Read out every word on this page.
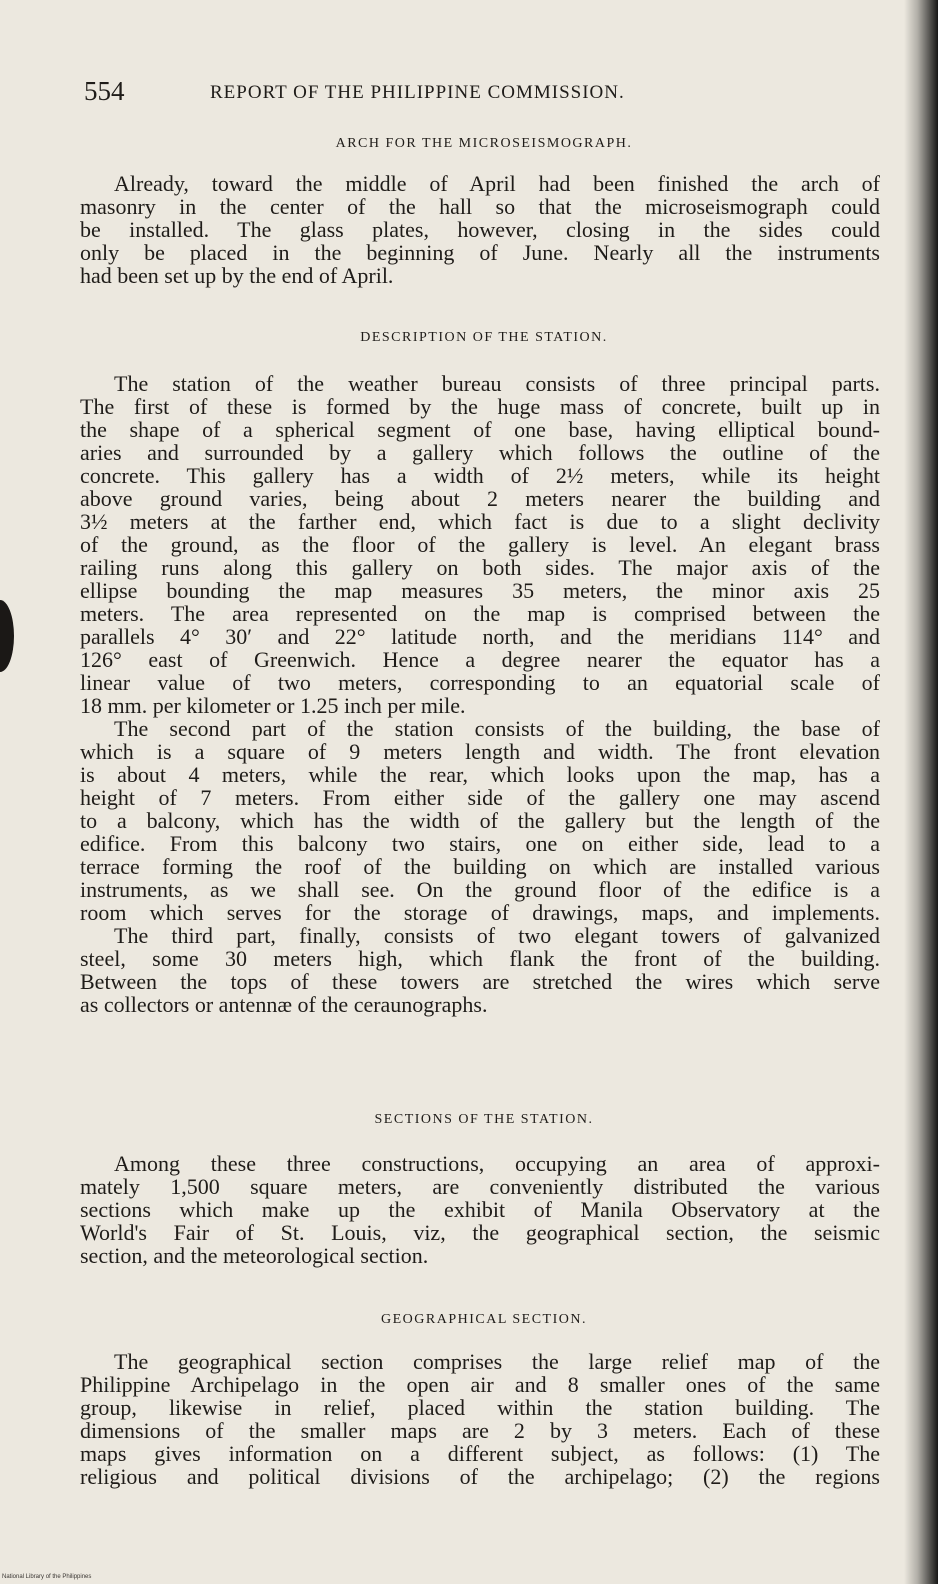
554	REPORT OF THE PHILIPPINE COMMISSION.
ARCH FOR THE MICROSEISMOGRAPH.
Already, toward the middle of April had been finished the arch of
masonry in the center of the hall so that the microseismograph could
be installed. The glass plates, however, closing in the sides could
only be placed in the beginning of June. Nearly all the instruments
had been set up by the end of April.
DESCRIPTION OF THE STATION.
The station of the weather bureau consists of three principal parts.
The first of these is formed by the huge mass of concrete, built up in
the shape of a spherical segment of one base, having elliptical bound-
aries and surrounded by a gallery which follows the outline of the
concrete. This gallery has a width of 2½ meters, while its height
above ground varies, being about 2 meters nearer the building and
3½ meters at the farther end, which fact is due to a slight declivity
of the ground, as the floor of the gallery is level. An elegant brass
railing runs along this gallery on both sides. The major axis of the
ellipse bounding the map measures 35 meters, the minor axis 25
meters. The area represented on the map is comprised between the
parallels 4° 30′ and 22° latitude north, and the meridians 114° and
126° east of Greenwich. Hence a degree nearer the equator has a
linear value of two meters, corresponding to an equatorial scale of
18 mm. per kilometer or 1.25 inch per mile.
The second part of the station consists of the building, the base of
which is a square of 9 meters length and width. The front elevation
is about 4 meters, while the rear, which looks upon the map, has a
height of 7 meters. From either side of the gallery one may ascend
to a balcony, which has the width of the gallery but the length of the
edifice. From this balcony two stairs, one on either side, lead to a
terrace forming the roof of the building on which are installed various
instruments, as we shall see. On the ground floor of the edifice is a
room which serves for the storage of drawings, maps, and implements.
The third part, finally, consists of two elegant towers of galvanized
steel, some 30 meters high, which flank the front of the building.
Between the tops of these towers are stretched the wires which serve
as collectors or antennæ of the ceraunographs.
SECTIONS OF THE STATION.
Among these three constructions, occupying an area of approxi-
mately 1,500 square meters, are conveniently distributed the various
sections which make up the exhibit of Manila Observatory at the
World's Fair of St. Louis, viz, the geographical section, the seismic
section, and the meteorological section.
GEOGRAPHICAL SECTION.
The geographical section comprises the large relief map of the
Philippine Archipelago in the open air and 8 smaller ones of the same
group, likewise in relief, placed within the station building. The
dimensions of the smaller maps are 2 by 3 meters. Each of these
maps gives information on a different subject, as follows: (1) The
religious and political divisions of the archipelago; (2) the regions
National Library of the Philippines
